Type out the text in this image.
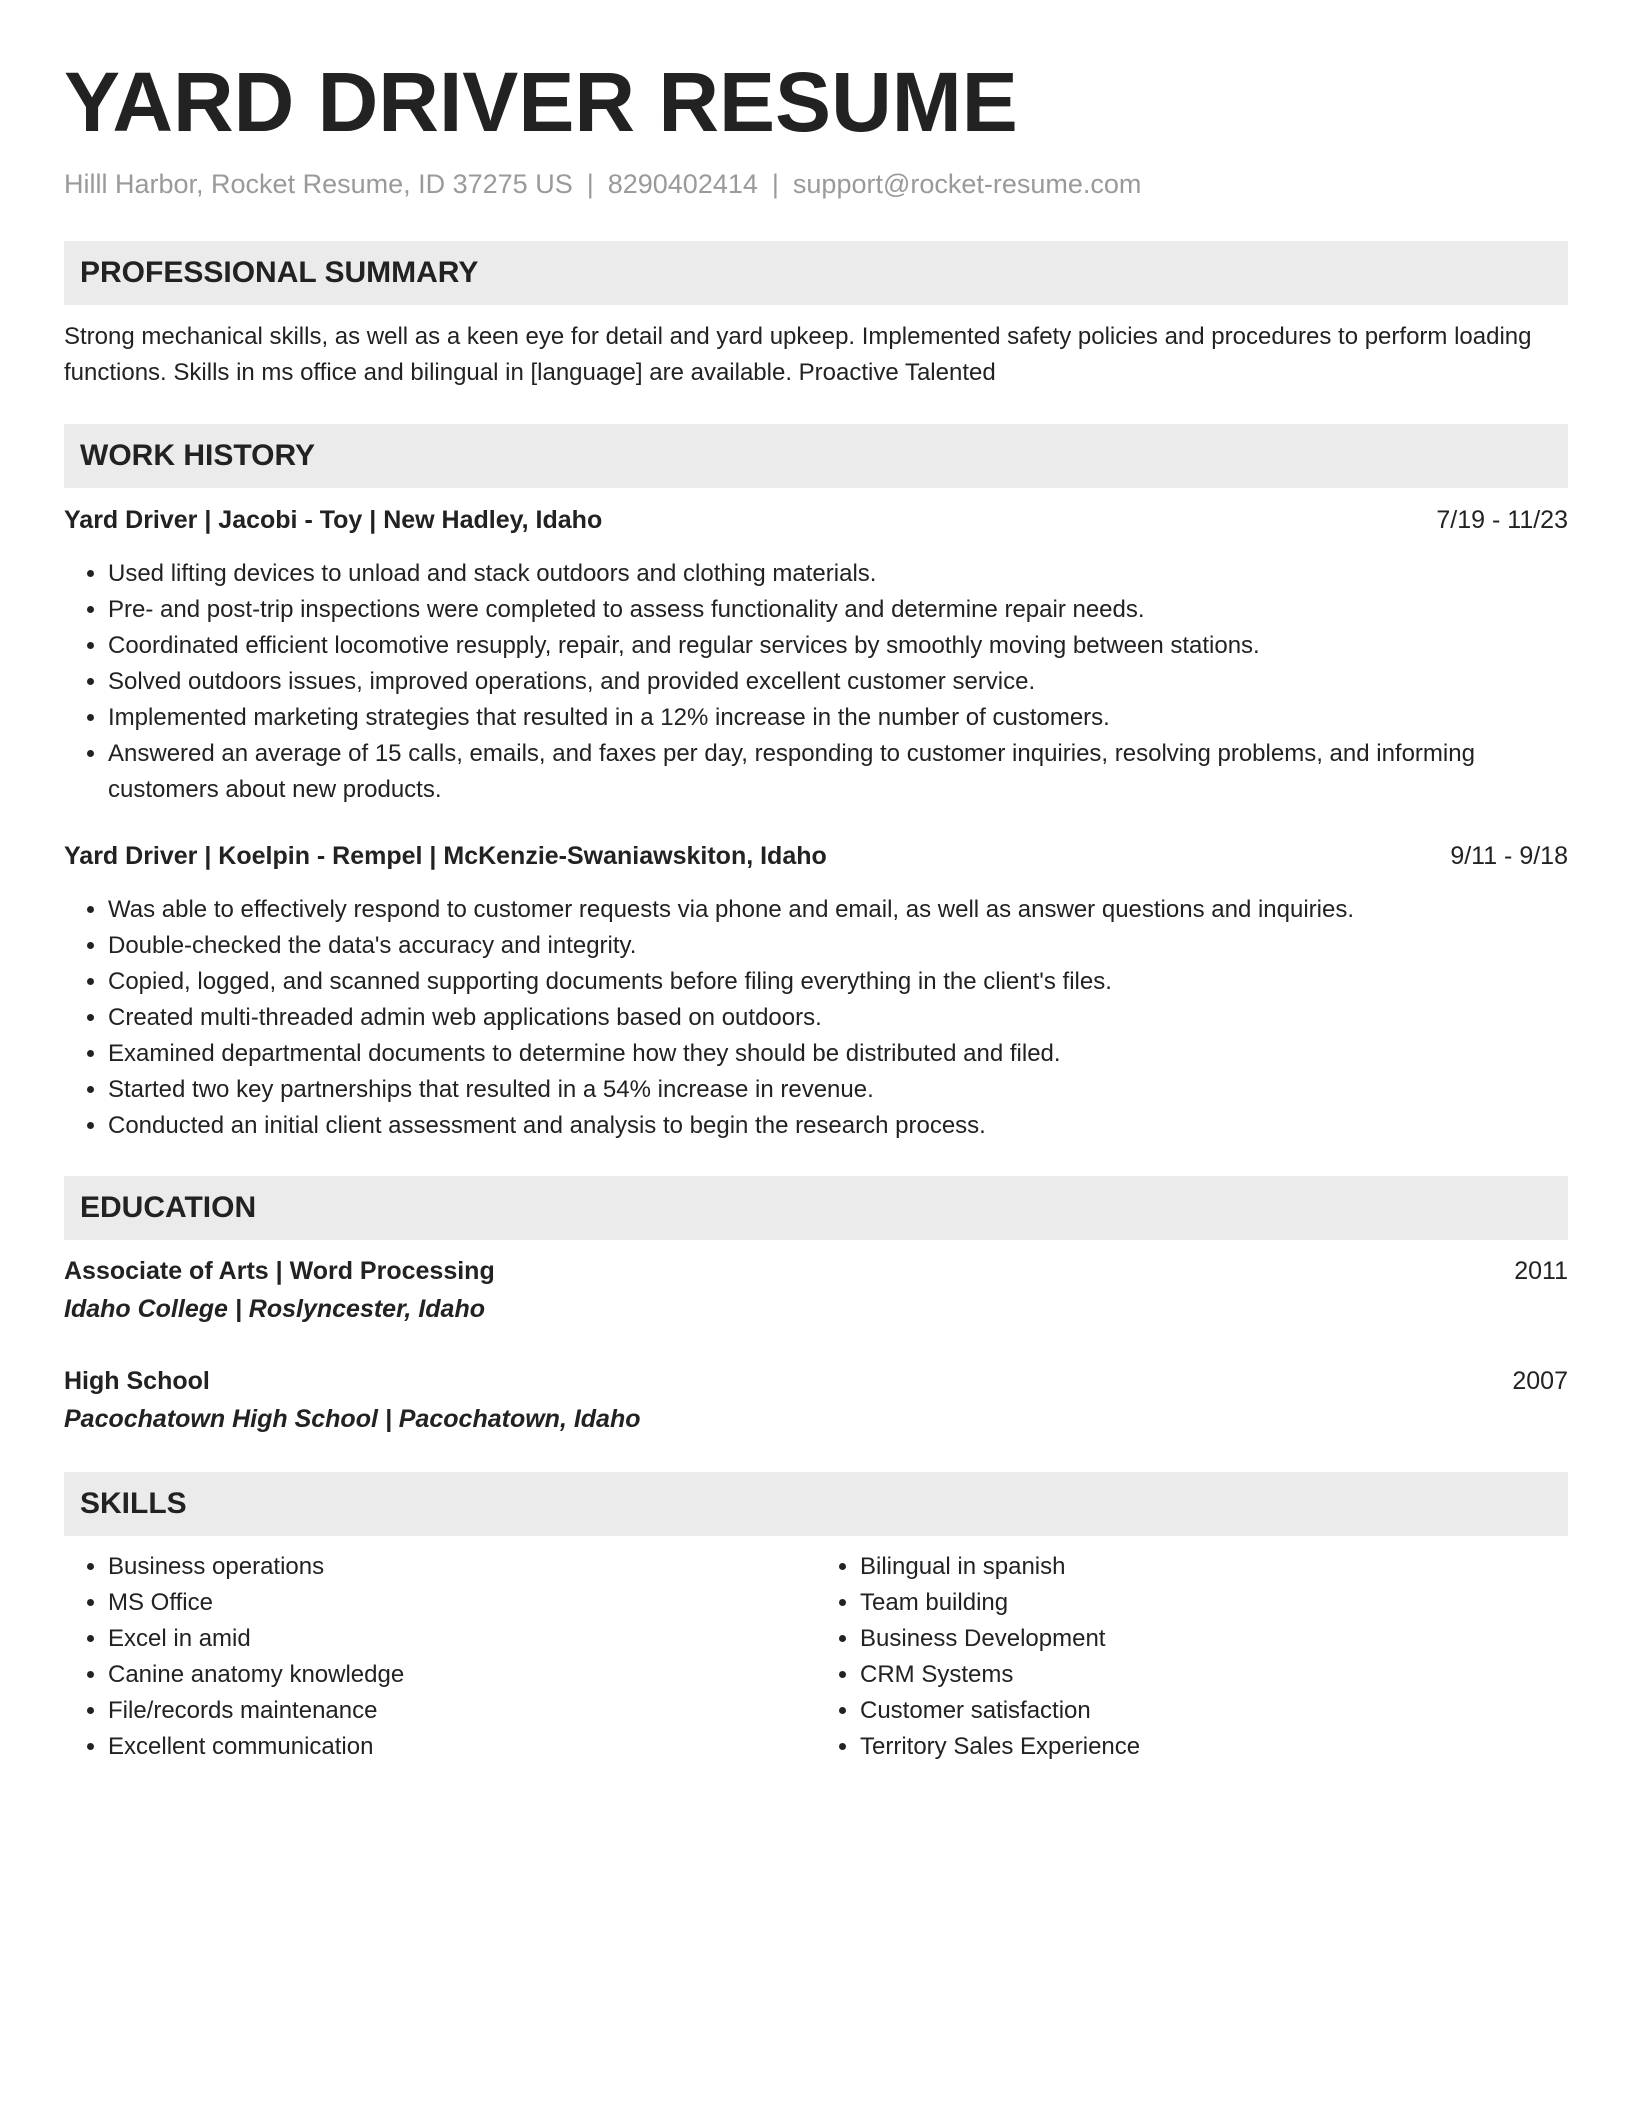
YARD DRIVER RESUME
Hilll Harbor, Rocket Resume, ID 37275 US | 8290402414 | support@rocket-resume.com
PROFESSIONAL SUMMARY

Strong mechanical skills, as well as a keen eye for detail and yard upkeep. Implemented safety policies and procedures to perform loading functions. Skills in ms office and bilingual in [language] are available. Proactive Talented

WORK HISTORY
Yard Driver | Jacobi - Toy | New Hadley, Idaho	7/19 - 11/23
• Used lifting devices to unload and stack outdoors and clothing materials.
• Pre- and post-trip inspections were completed to assess functionality and determine repair needs.
• Coordinated efficient locomotive resupply, repair, and regular services by smoothly moving between stations.
• Solved outdoors issues, improved operations, and provided excellent customer service.
• Implemented marketing strategies that resulted in a 12% increase in the number of customers.
• Answered an average of 15 calls, emails, and faxes per day, responding to customer inquiries, resolving problems, and informing customers about new products.
Yard Driver | Koelpin - Rempel | McKenzie-Swaniawskiton, Idaho	9/11 - 9/18
• Was able to effectively respond to customer requests via phone and email, as well as answer questions and inquiries.
• Double-checked the data's accuracy and integrity.
• Copied, logged, and scanned supporting documents before filing everything in the client's files.
• Created multi-threaded admin web applications based on outdoors.
• Examined departmental documents to determine how they should be distributed and filed.
• Started two key partnerships that resulted in a 54% increase in revenue.
• Conducted an initial client assessment and analysis to begin the research process.
EDUCATION
Associate of Arts | Word Processing	2011
Idaho College | Roslyncester, Idaho
High School	2007
Pacochatown High School | Pacochatown, Idaho
SKILLS
• Business operations
• MS Office
• Excel in amid
• Canine anatomy knowledge
• File/records maintenance
• Excellent communication
• Bilingual in spanish
• Team building
• Business Development
• CRM Systems
• Customer satisfaction
• Territory Sales Experience
